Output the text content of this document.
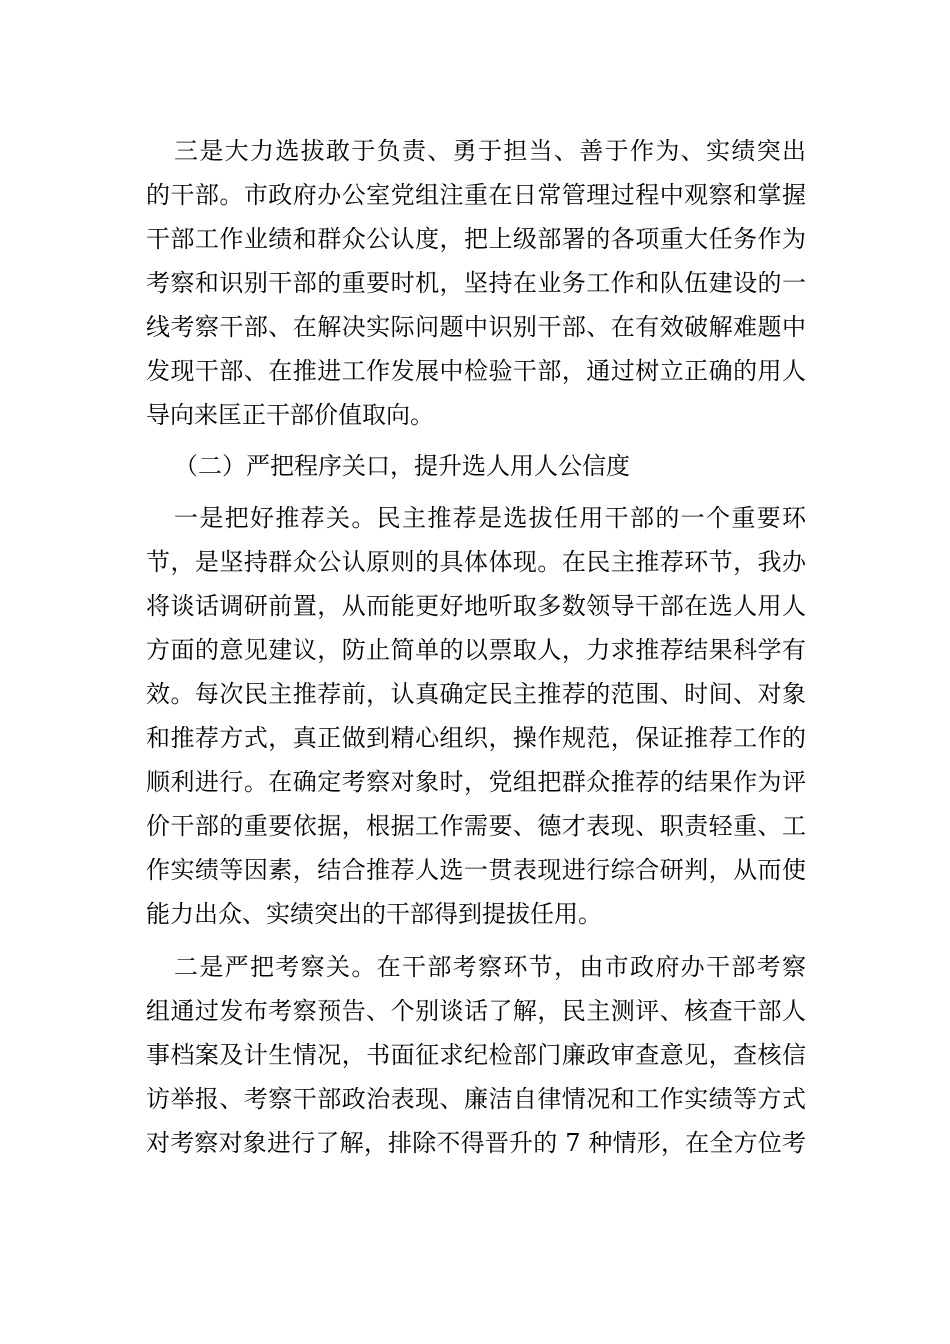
三是大力选拔敢于负责、勇于担当、善于作为、实绩突出
的干部。市政府办公室党组注重在日常管理过程中观察和掌握
干部工作业绩和群众公认度，把上级部署的各项重大任务作为
考察和识别干部的重要时机，坚持在业务工作和队伍建设的一
线考察干部、在解决实际问题中识别干部、在有效破解难题中
发现干部、在推进工作发展中检验干部，通过树立正确的用人
导向来匡正干部价值取向。
（二）严把程序关口，提升选人用人公信度
一是把好推荐关。民主推荐是选拔任用干部的一个重要环
节，是坚持群众公认原则的具体体现。在民主推荐环节，我办
将谈话调研前置，从而能更好地听取多数领导干部在选人用人
方面的意见建议，防止简单的以票取人，力求推荐结果科学有
效。每次民主推荐前，认真确定民主推荐的范围、时间、对象
和推荐方式，真正做到精心组织，操作规范，保证推荐工作的
顺利进行。在确定考察对象时，党组把群众推荐的结果作为评
价干部的重要依据，根据工作需要、德才表现、职责轻重、工
作实绩等因素，结合推荐人选一贯表现进行综合研判，从而使
能力出众、实绩突出的干部得到提拔任用。
二是严把考察关。在干部考察环节，由市政府办干部考察
组通过发布考察预告、个别谈话了解，民主测评、核查干部人
事档案及计生情况，书面征求纪检部门廉政审查意见，查核信
访举报、考察干部政治表现、廉洁自律情况和工作实绩等方式
对考察对象进行了解，排除不得晋升的 7 种情形，在全方位考
